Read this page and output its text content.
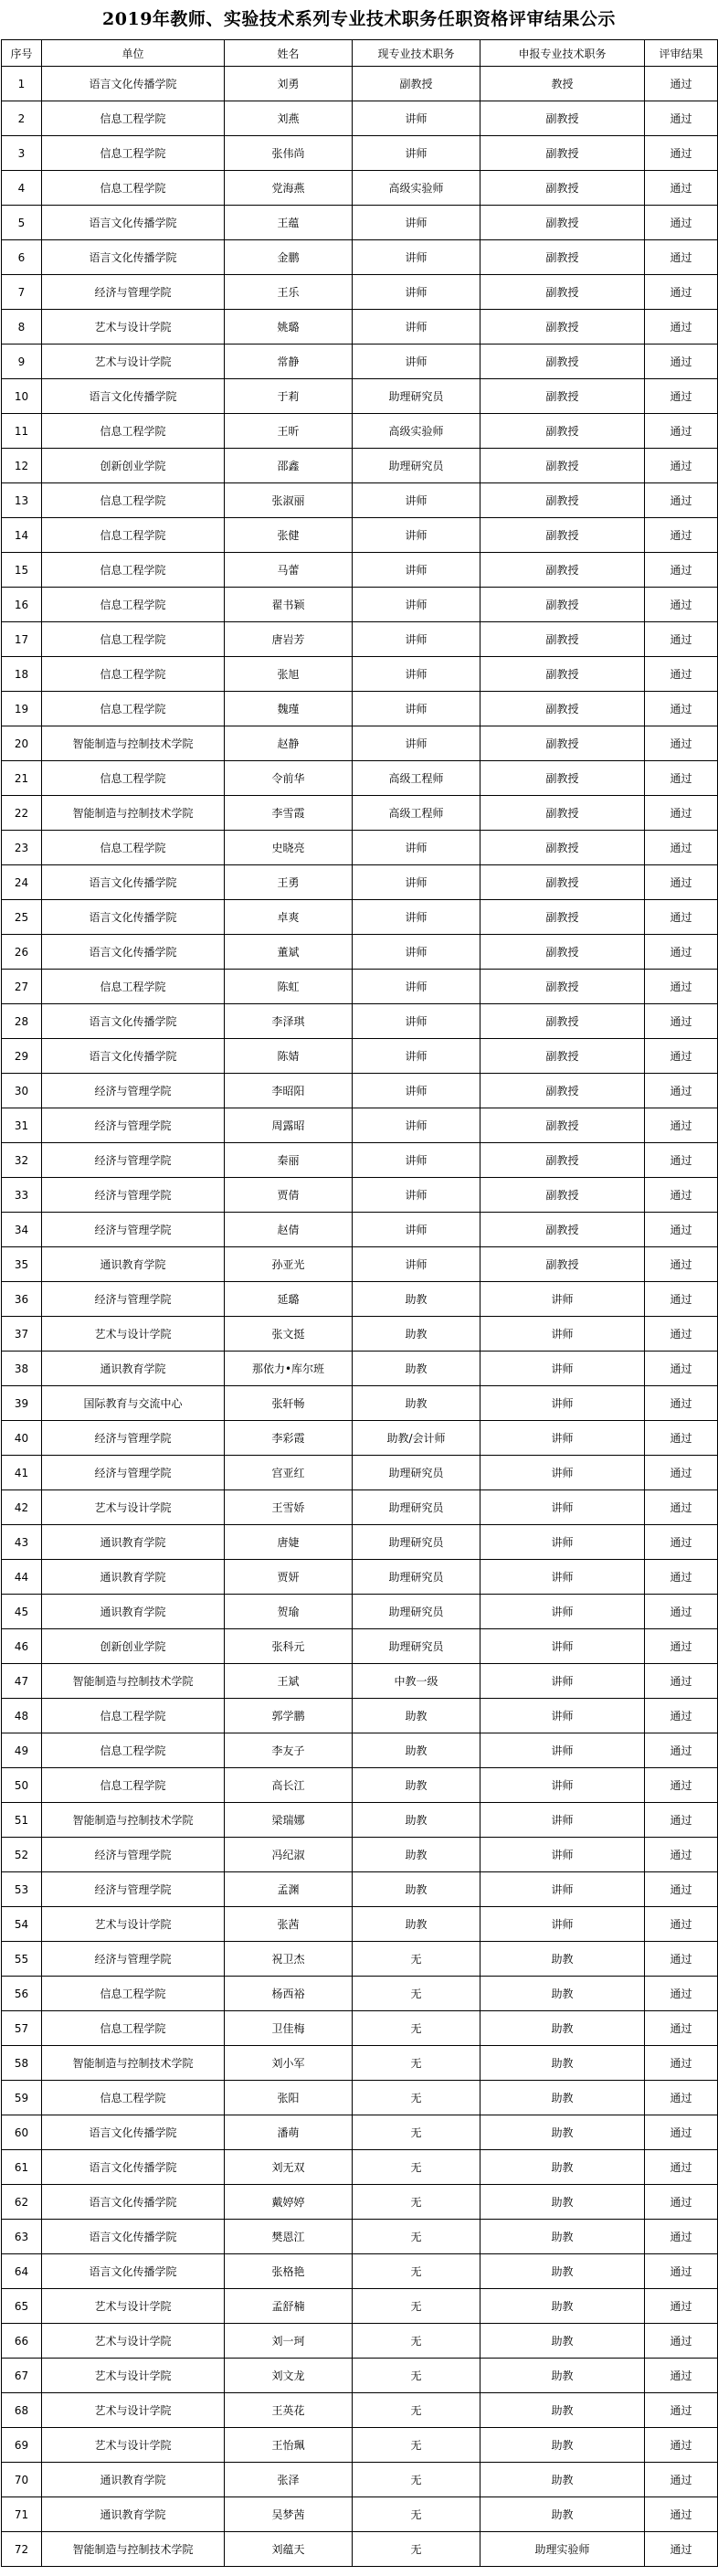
2019年教师、实验技术系列专业技术职务任职资格评审结果公示
序号	单位	姓名	现专业技术职务	申报专业技术职务	评审结果
1	语言文化传播学院	刘勇	副教授	教授	通过
2	信息工程学院	刘燕	讲师	副教授	通过
3	信息工程学院	张伟尚	讲师	副教授	通过
4	信息工程学院	党海燕	高级实验师	副教授	通过
5	语言文化传播学院	王蕴	讲师	副教授	通过
6	语言文化传播学院	金鹏	讲师	副教授	通过
7	经济与管理学院	王乐	讲师	副教授	通过
8	艺术与设计学院	姚璐	讲师	副教授	通过
9	艺术与设计学院	常静	讲师	副教授	通过
10	语言文化传播学院	于莉	助理研究员	副教授	通过
11	信息工程学院	王昕	高级实验师	副教授	通过
12	创新创业学院	邵鑫	助理研究员	副教授	通过
13	信息工程学院	张淑丽	讲师	副教授	通过
14	信息工程学院	张健	讲师	副教授	通过
15	信息工程学院	马蕾	讲师	副教授	通过
16	信息工程学院	翟书颖	讲师	副教授	通过
17	信息工程学院	唐岩芳	讲师	副教授	通过
18	信息工程学院	张旭	讲师	副教授	通过
19	信息工程学院	魏瑾	讲师	副教授	通过
20	智能制造与控制技术学院	赵静	讲师	副教授	通过
21	信息工程学院	令前华	高级工程师	副教授	通过
22	智能制造与控制技术学院	李雪霞	高级工程师	副教授	通过
23	信息工程学院	史晓亮	讲师	副教授	通过
24	语言文化传播学院	王勇	讲师	副教授	通过
25	语言文化传播学院	卓爽	讲师	副教授	通过
26	语言文化传播学院	董斌	讲师	副教授	通过
27	信息工程学院	陈虹	讲师	副教授	通过
28	语言文化传播学院	李泽琪	讲师	副教授	通过
29	语言文化传播学院	陈婧	讲师	副教授	通过
30	经济与管理学院	李昭阳	讲师	副教授	通过
31	经济与管理学院	周露昭	讲师	副教授	通过
32	经济与管理学院	秦丽	讲师	副教授	通过
33	经济与管理学院	贾倩	讲师	副教授	通过
34	经济与管理学院	赵倩	讲师	副教授	通过
35	通识教育学院	孙亚光	讲师	副教授	通过
36	经济与管理学院	延璐	助教	讲师	通过
37	艺术与设计学院	张文挺	助教	讲师	通过
38	通识教育学院	那依力•库尔班	助教	讲师	通过
39	国际教育与交流中心	张轩畅	助教	讲师	通过
40	经济与管理学院	李彩霞	助教/会计师	讲师	通过
41	经济与管理学院	宫亚红	助理研究员	讲师	通过
42	艺术与设计学院	王雪娇	助理研究员	讲师	通过
43	通识教育学院	唐婕	助理研究员	讲师	通过
44	通识教育学院	贾妍	助理研究员	讲师	通过
45	通识教育学院	贺瑜	助理研究员	讲师	通过
46	创新创业学院	张科元	助理研究员	讲师	通过
47	智能制造与控制技术学院	王斌	中教一级	讲师	通过
48	信息工程学院	郭学鹏	助教	讲师	通过
49	信息工程学院	李友子	助教	讲师	通过
50	信息工程学院	高长江	助教	讲师	通过
51	智能制造与控制技术学院	梁瑞娜	助教	讲师	通过
52	经济与管理学院	冯纪淑	助教	讲师	通过
53	经济与管理学院	孟渊	助教	讲师	通过
54	艺术与设计学院	张茜	助教	讲师	通过
55	经济与管理学院	祝卫杰	无	助教	通过
56	信息工程学院	杨西裕	无	助教	通过
57	信息工程学院	卫佳梅	无	助教	通过
58	智能制造与控制技术学院	刘小军	无	助教	通过
59	信息工程学院	张阳	无	助教	通过
60	语言文化传播学院	潘萌	无	助教	通过
61	语言文化传播学院	刘无双	无	助教	通过
62	语言文化传播学院	戴婷婷	无	助教	通过
63	语言文化传播学院	樊恩江	无	助教	通过
64	语言文化传播学院	张格艳	无	助教	通过
65	艺术与设计学院	孟舒楠	无	助教	通过
66	艺术与设计学院	刘一珂	无	助教	通过
67	艺术与设计学院	刘文龙	无	助教	通过
68	艺术与设计学院	王英花	无	助教	通过
69	艺术与设计学院	王怡珮	无	助教	通过
70	通识教育学院	张泽	无	助教	通过
71	通识教育学院	吴梦茜	无	助教	通过
72	智能制造与控制技术学院	刘蕴天	无	助理实验师	通过
